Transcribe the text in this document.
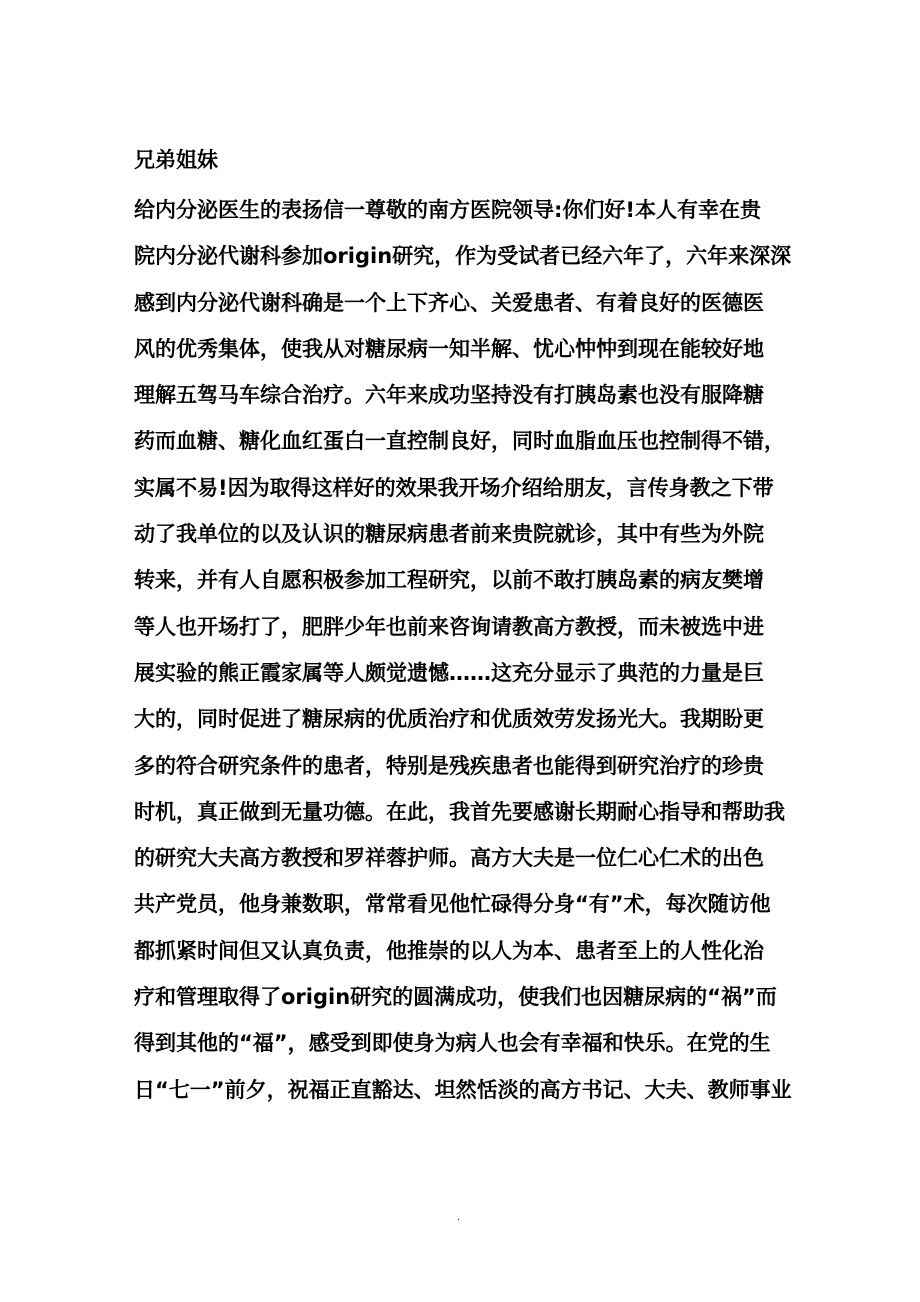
兄弟姐妹
给内分泌医生的表扬信一尊敬的南方医院领导:你们好!本人有幸在贵
院内分泌代谢科参加origin研究，作为受试者已经六年了，六年来深深
感到内分泌代谢科确是一个上下齐心、关爱患者、有着良好的医德医
风的优秀集体，使我从对糖尿病一知半解、忧心忡忡到现在能较好地
理解五驾马车综合治疗。六年来成功坚持没有打胰岛素也没有服降糖
药而血糖、糖化血红蛋白一直控制良好，同时血脂血压也控制得不错，
实属不易!因为取得这样好的效果我开场介绍给朋友，言传身教之下带
动了我单位的以及认识的糖尿病患者前来贵院就诊，其中有些为外院
转来，并有人自愿积极参加工程研究，以前不敢打胰岛素的病友樊增
等人也开场打了，肥胖少年也前来咨询请教高方教授，而未被选中进
展实验的熊正霞家属等人颇觉遗憾……这充分显示了典范的力量是巨
大的，同时促进了糖尿病的优质治疗和优质效劳发扬光大。我期盼更
多的符合研究条件的患者，特别是残疾患者也能得到研究治疗的珍贵
时机，真正做到无量功德。在此，我首先要感谢长期耐心指导和帮助我
的研究大夫高方教授和罗祥蓉护师。高方大夫是一位仁心仁术的出色
共产党员，他身兼数职，常常看见他忙碌得分身“有”术，每次随访他
都抓紧时间但又认真负责，他推崇的以人为本、患者至上的人性化治
疗和管理取得了origin研究的圆满成功，使我们也因糖尿病的“祸”而
得到其他的“福”，感受到即使身为病人也会有幸福和快乐。在党的生
日“七一”前夕，祝福正直豁达、坦然恬淡的高方书记、大夫、教师事业
.
